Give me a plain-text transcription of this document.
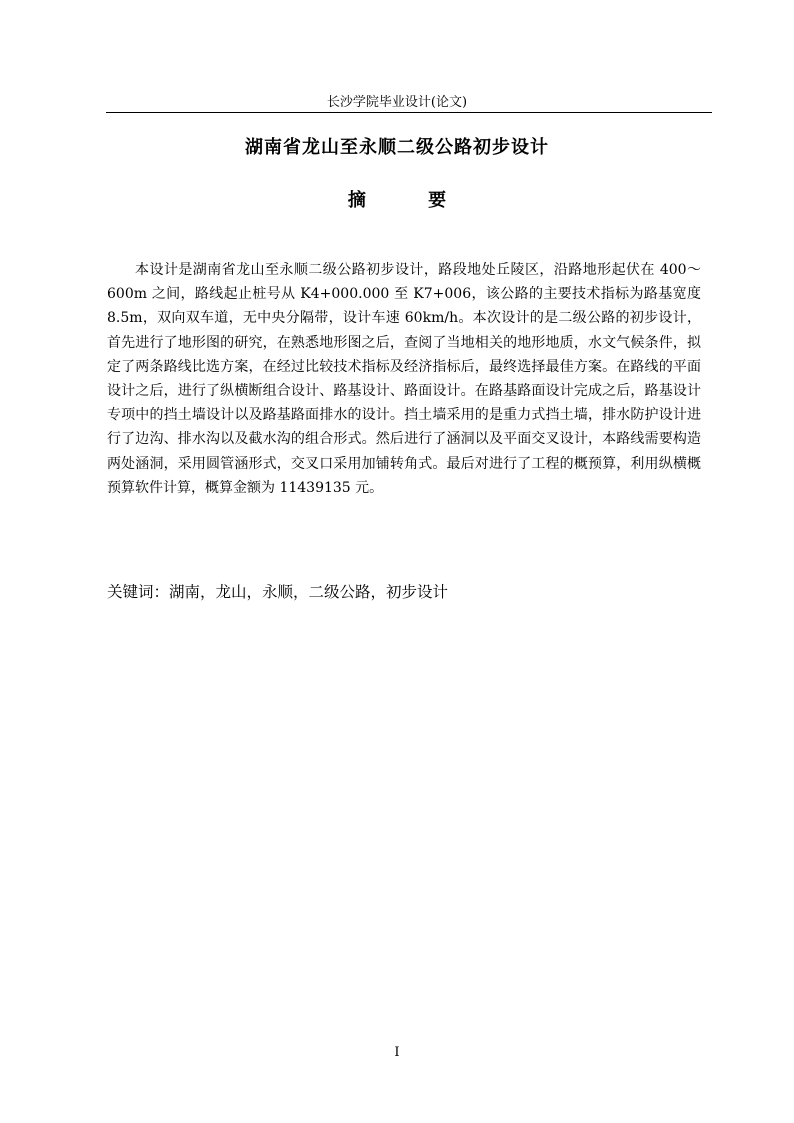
长沙学院毕业设计(论文)
湖南省龙山至永顺二级公路初步设计
摘 要
本设计是湖南省龙山至永顺二级公路初步设计，路段地处丘陵区，沿路地形起伏在 400～600m 之间，路线起止桩号从 K4+000.000 至 K7+006，该公路的主要技术指标为路基宽度 8.5m，双向双车道，无中央分隔带，设计车速 60km/h。本次设计的是二级公路的初步设计，首先进行了地形图的研究，在熟悉地形图之后，查阅了当地相关的地形地质，水文气候条件，拟定了两条路线比选方案，在经过比较技术指标及经济指标后，最终选择最佳方案。在路线的平面设计之后，进行了纵横断组合设计、路基设计、路面设计。在路基路面设计完成之后，路基设计专项中的挡土墙设计以及路基路面排水的设计。挡土墙采用的是重力式挡土墙，排水防护设计进行了边沟、排水沟以及截水沟的组合形式。然后进行了涵洞以及平面交叉设计，本路线需要构造两处涵洞，采用圆管涵形式，交叉口采用加铺转角式。最后对进行了工程的概预算，利用纵横概预算软件计算，概算金额为 11439135 元。
关键词：湖南，龙山，永顺，二级公路，初步设计
I
